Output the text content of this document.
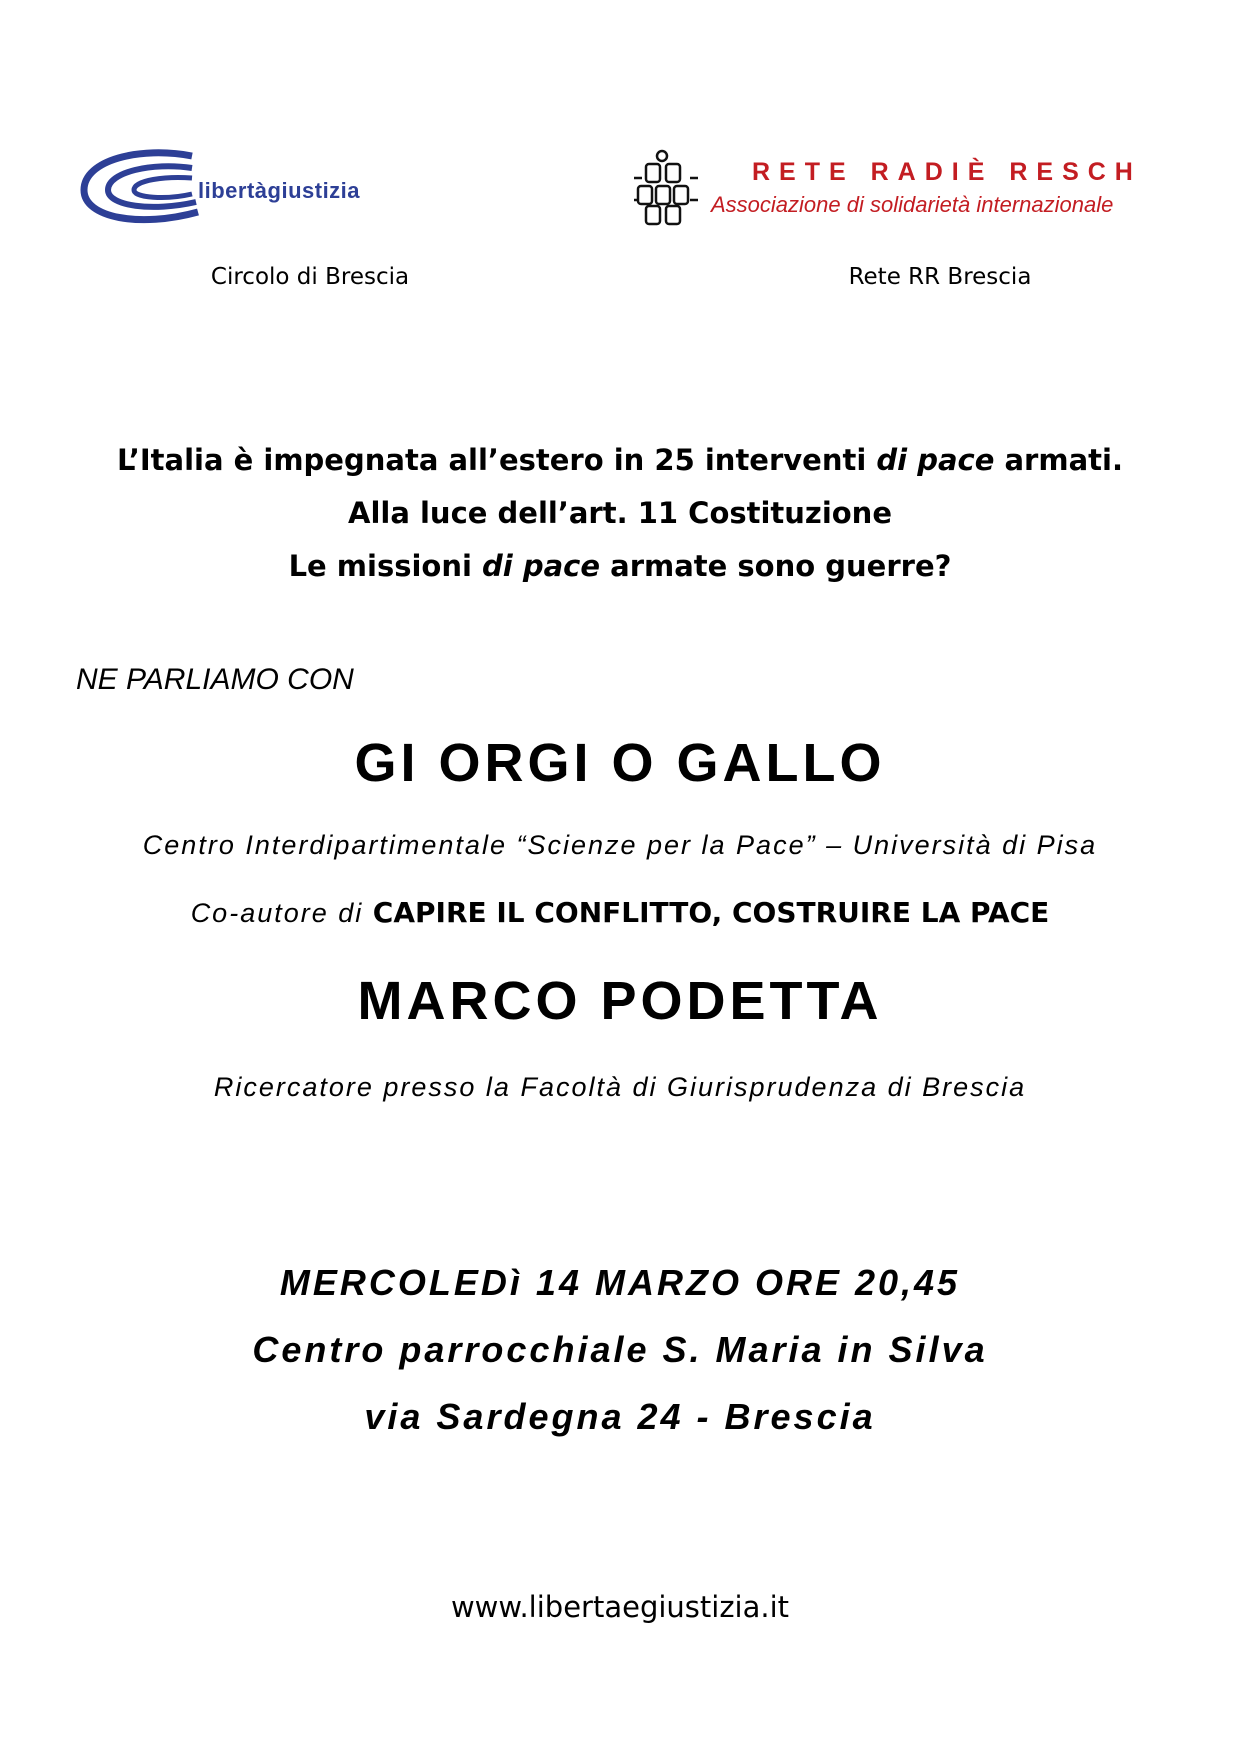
libertàgiustizia
RETE RADIÈ RESCH
Associazione di solidarietà internazionale
Circolo di Brescia	Rete RR Brescia
L’Italia è impegnata all’estero in 25 interventi di pace armati.
Alla luce dell’art. 11 Costituzione
Le missioni di pace armate sono guerre?
NE PARLIAMO CON
GI ORGI O GALLO
Centro Interdipartimentale “Scienze per la Pace” – Università di Pisa
Co-autore di CAPIRE IL CONFLITTO, COSTRUIRE LA PACE
MARCO PODETTA
Ricercatore presso la Facoltà di Giurisprudenza di Brescia
MERCOLEDì 14 MARZO ORE 20,45
Centro parrocchiale S. Maria in Silva
via Sardegna 24 - Brescia
www.libertaegiustizia.it
